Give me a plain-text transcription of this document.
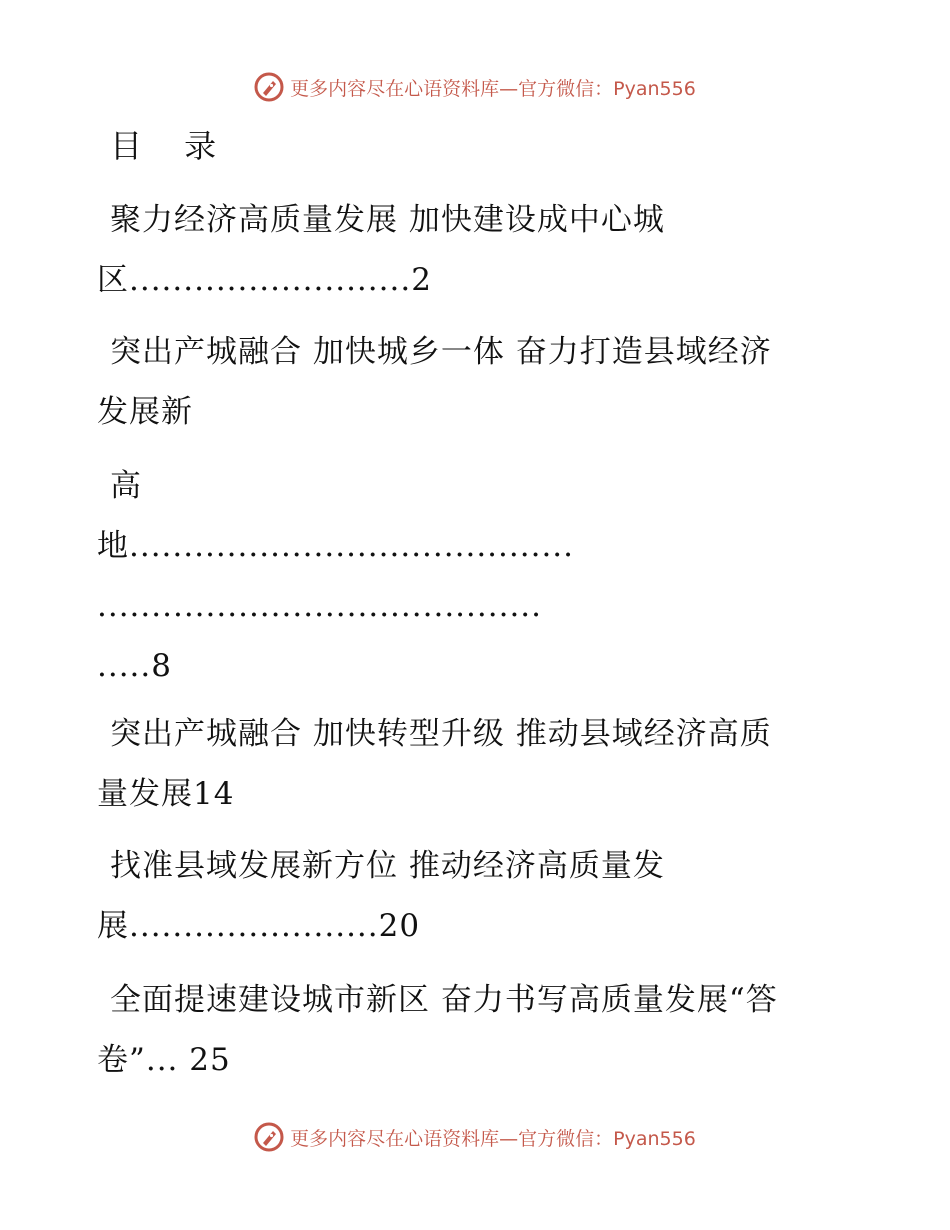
更多内容尽在心语资料库—官方微信：Pyan556
目 录
聚力经济高质量发展 加快建设成中心城
区..........................2
突出产城融合 加快城乡一体 奋力打造县域经济
发展新
高
地.........................................
.........................................
.....8
突出产城融合 加快转型升级 推动县域经济高质
量发展14
找准县域发展新方位 推动经济高质量发
展.......................20
全面提速建设城市新区 奋力书写高质量发展“答
卷”... 25
更多内容尽在心语资料库—官方微信：Pyan556
